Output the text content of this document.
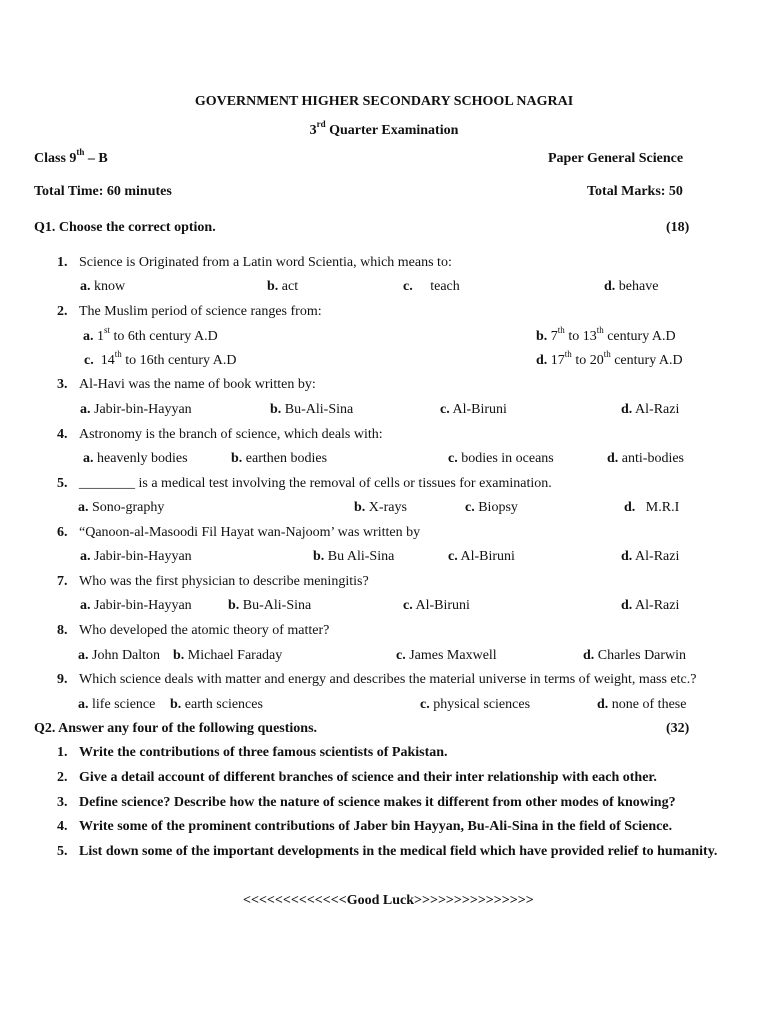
GOVERNMENT HIGHER SECONDARY SCHOOL NAGRAI
3rd Quarter Examination
Class 9th – B	Paper General Science
Total Time: 60 minutes	Total Marks: 50
Q1. Choose the correct option.	(18)
1. Science is Originated from a Latin word Scientia, which means to:
a. know	b. act	c. teach	d. behave
2. The Muslim period of science ranges from:
a. 1st to 6th century A.D	b. 7th to 13th century A.D
c. 14th to 16th century A.D	d. 17th to 20th century A.D
3. Al-Havi was the name of book written by:
a. Jabir-bin-Hayyan	b. Bu-Ali-Sina	c. Al-Biruni	d. Al-Razi
4. Astronomy is the branch of science, which deals with:
a. heavenly bodies	b. earthen bodies	c. bodies in oceans	d. anti-bodies
5. ________ is a medical test involving the removal of cells or tissues for examination.
a. Sono-graphy	b. X-rays	c. Biopsy	d. M.R.I
6. “Qanoon-al-Masoodi Fil Hayat wan-Najoom’ was written by
a. Jabir-bin-Hayyan	b. Bu Ali-Sina	c. Al-Biruni	d. Al-Razi
7. Who was the first physician to describe meningitis?
a. Jabir-bin-Hayyan	b. Bu-Ali-Sina	c. Al-Biruni	d. Al-Razi
8. Who developed the atomic theory of matter?
a. John Dalton b. Michael Faraday	c. James Maxwell	d. Charles Darwin
9. Which science deals with matter and energy and describes the material universe in terms of weight, mass etc.?
a. life science b. earth sciences	c. physical sciences	d. none of these
Q2. Answer any four of the following questions.	(32)
1. Write the contributions of three famous scientists of Pakistan.
2. Give a detail account of different branches of science and their inter relationship with each other.
3. Define science? Describe how the nature of science makes it different from other modes of knowing?
4. Write some of the prominent contributions of Jaber bin Hayyan, Bu-Ali-Sina in the field of Science.
5. List down some of the important developments in the medical field which have provided relief to humanity.
<<<<<<<<<<<<<Good Luck>>>>>>>>>>>>>>>
